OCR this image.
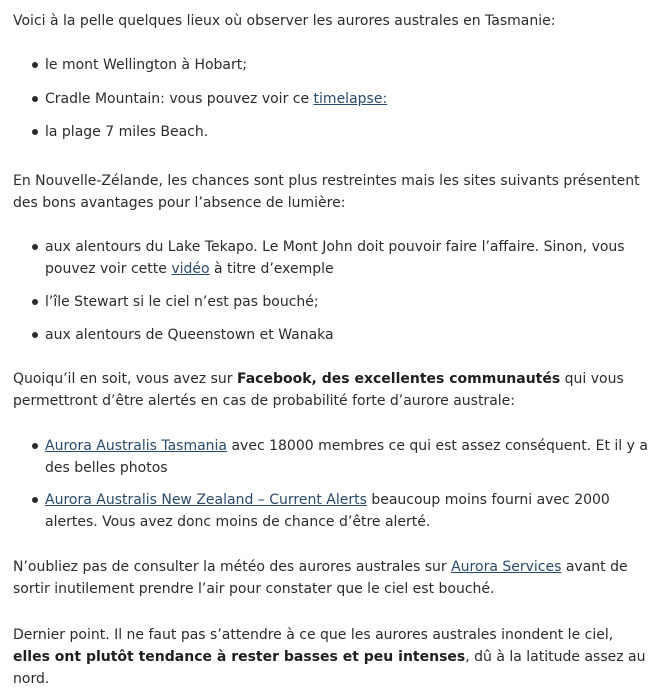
Voici à la pelle quelques lieux où observer les aurores australes en Tasmanie:

le mont Wellington à Hobart;
Cradle Mountain: vous pouvez voir ce timelapse:
la plage 7 miles Beach.

En Nouvelle-Zélande, les chances sont plus restreintes mais les sites suivants présentent des bons avantages pour l’absence de lumière:

aux alentours du Lake Tekapo. Le Mont John doit pouvoir faire l’affaire. Sinon, vous pouvez voir cette vidéo à titre d’exemple
l’île Stewart si le ciel n’est pas bouché;
aux alentours de Queenstown et Wanaka

Quoiqu’il en soit, vous avez sur Facebook, des excellentes communautés qui vous permettront d’être alertés en cas de probabilité forte d’aurore australe:

Aurora Australis Tasmania avec 18000 membres ce qui est assez conséquent. Et il y a des belles photos
Aurora Australis New Zealand – Current Alerts beaucoup moins fourni avec 2000 alertes. Vous avez donc moins de chance d’être alerté.

N’oubliez pas de consulter la météo des aurores australes sur Aurora Services avant de sortir inutilement prendre l’air pour constater que le ciel est bouché.

Dernier point. Il ne faut pas s’attendre à ce que les aurores australes inondent le ciel, elles ont plutôt tendance à rester basses et peu intenses, dû à la latitude assez au nord.
